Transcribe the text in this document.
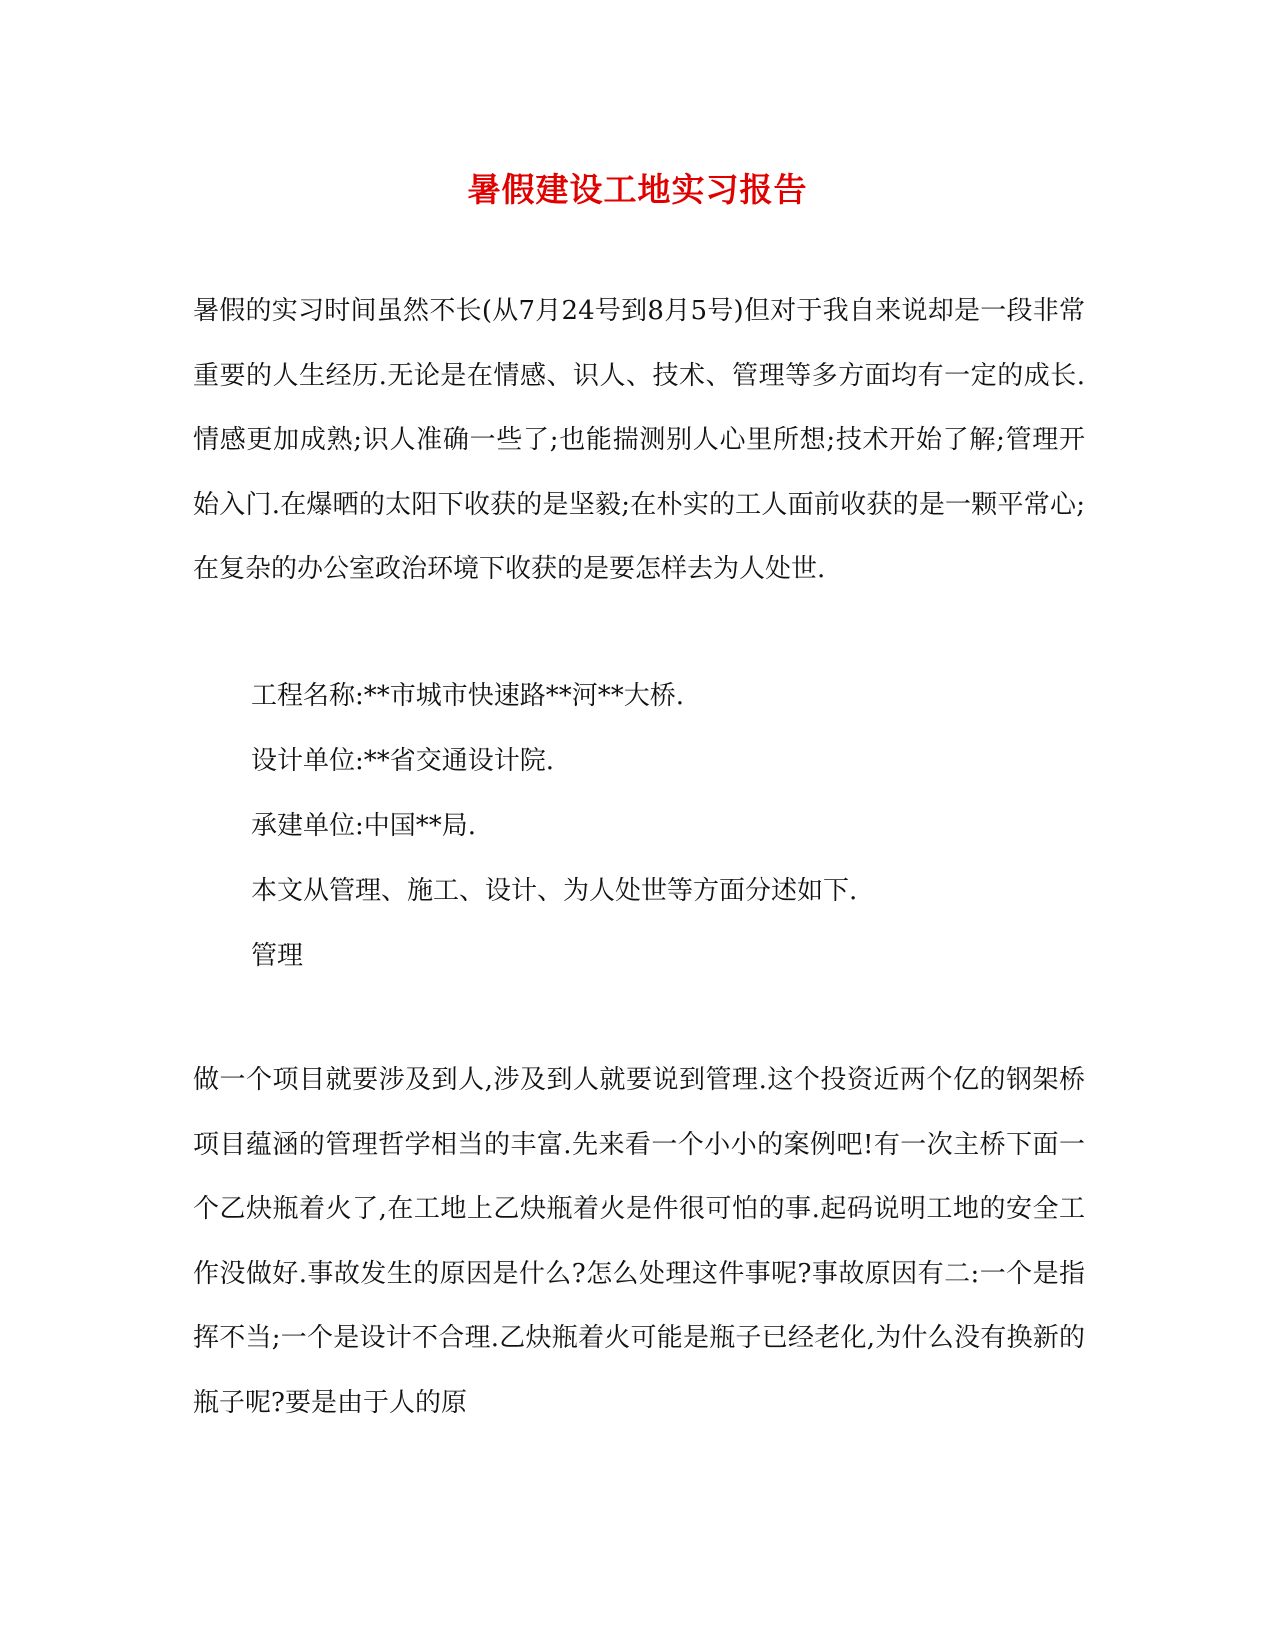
暑假建设工地实习报告

暑假的实习时间虽然不长(从7月24号到8月5号)但对于我自来说却是一段非常重要的人生经历.无论是在情感、识人、技术、管理等多方面均有一定的成长.情感更加成熟;识人准确一些了;也能揣测别人心里所想;技术开始了解;管理开始入门.在爆晒的太阳下收获的是坚毅;在朴实的工人面前收获的是一颗平常心;在复杂的办公室政治环境下收获的是要怎样去为人处世.

工程名称:**市城市快速路**河**大桥.

设计单位:**省交通设计院.

承建单位:中国**局.

本文从管理、施工、设计、为人处世等方面分述如下.

管理

做一个项目就要涉及到人,涉及到人就要说到管理.这个投资近两个亿的钢架桥项目蕴涵的管理哲学相当的丰富.先来看一个小小的案例吧!有一次主桥下面一个乙炔瓶着火了,在工地上乙炔瓶着火是件很可怕的事.起码说明工地的安全工作没做好.事故发生的原因是什么?怎么处理这件事呢?事故原因有二:一个是指挥不当;一个是设计不合理.乙炔瓶着火可能是瓶子已经老化,为什么没有换新的瓶子呢?要是由于人的原
